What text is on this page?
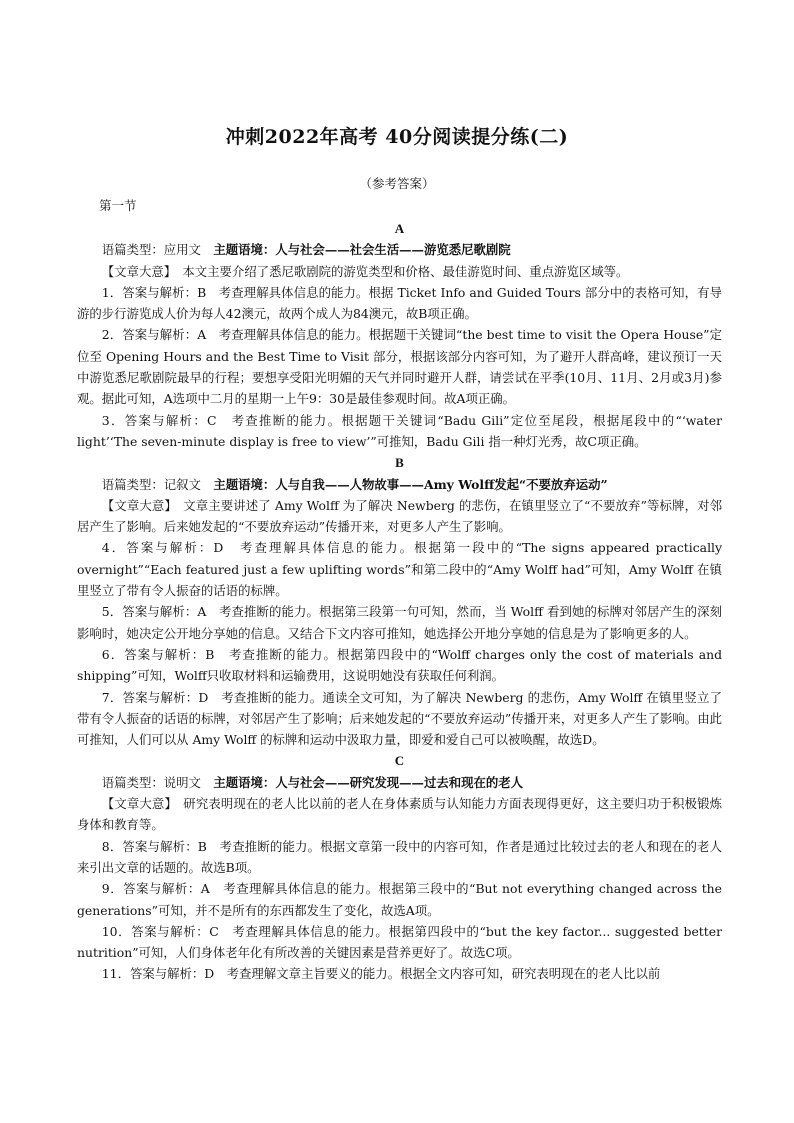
冲刺2022年高考 40分阅读提分练(二)
（参考答案）
第一节

A

语篇类型：应用文　 主题语境：人与社会——社会生活——游览悉尼歌剧院

【文章大意】　本文主要介绍了悉尼歌剧院的游览类型和价格、最佳游览时间、重点游览区域等。

1．答案与解析：B　考查理解具体信息的能力。根据 Ticket Info and Guided Tours 部分中的表格可知，有导游的步行游览成人价为每人42澳元，故两个成人为84澳元，故B项正确。

2．答案与解析：A　考查理解具体信息的能力。根据题干关键词“the best time to visit the Opera House”定位至 Opening Hours and the Best Time to Visit 部分，根据该部分内容可知，为了避开人群高峰，建议预订一天中游览悉尼歌剧院最早的行程；要想享受阳光明媚的天气并同时避开人群，请尝试在平季(10月、11月、2月或3月)参观。据此可知，A选项中二月的星期一上午9：30是最佳参观时间。故A项正确。

3．答案与解析：C　考查推断的能力。根据题干关键词“Badu Gili”定位至尾段，根据尾段中的“‘water light’‘The seven-minute display is free to view’”可推知，Badu Gili 指一种灯光秀，故C项正确。

B

语篇类型：记叙文　 主题语境：人与自我——人物故事——Amy Wolff发起“不要放弃运动”

【文章大意】　文章主要讲述了 Amy Wolff 为了解决 Newberg 的悲伤，在镇里竖立了“不要放弃”等标牌，对邻居产生了影响。后来她发起的“不要放弃运动”传播开来，对更多人产生了影响。

4．答案与解析：D　考查理解具体信息的能力。根据第一段中的“The signs appeared practically overnight”“Each featured just a few uplifting words”和第二段中的“Amy Wolff had”可知，Amy Wolff 在镇里竖立了带有令人振奋的话语的标牌。

5．答案与解析：A　考查推断的能力。根据第三段第一句可知，然而，当 Wolff 看到她的标牌对邻居产生的深刻影响时，她决定公开地分享她的信息。又结合下文内容可推知，她选择公开地分享她的信息是为了影响更多的人。

6．答案与解析：B　考查推断的能力。根据第四段中的“Wolff charges only the cost of materials and shipping”可知，Wolff只收取材料和运输费用，这说明她没有获取任何利润。

7．答案与解析：D　考查推断的能力。通读全文可知，为了解决 Newberg 的悲伤，Amy Wolff 在镇里竖立了带有令人振奋的话语的标牌，对邻居产生了影响；后来她发起的“不要放弃运动”传播开来，对更多人产生了影响。由此可推知，人们可以从 Amy Wolff 的标牌和运动中汲取力量，即爱和爱自己可以被唤醒，故选D。

C

语篇类型：说明文　 主题语境：人与社会——研究发现——过去和现在的老人

【文章大意】　研究表明现在的老人比以前的老人在身体素质与认知能力方面表现得更好，这主要归功于积极锻炼身体和教育等。

8．答案与解析：B　考查推断的能力。根据文章第一段中的内容可知，作者是通过比较过去的老人和现在的老人来引出文章的话题的。故选B项。

9．答案与解析：A　考查理解具体信息的能力。根据第三段中的“But not everything changed across the generations”可知，并不是所有的东西都发生了变化，故选A项。

10．答案与解析：C　考查理解具体信息的能力。根据第四段中的“but the key factor... suggested better nutrition”可知，人们身体老年化有所改善的关键因素是营养更好了。故选C项。

11．答案与解析：D　考查理解文章主旨要义的能力。根据全文内容可知，研究表明现在的老人比以前
